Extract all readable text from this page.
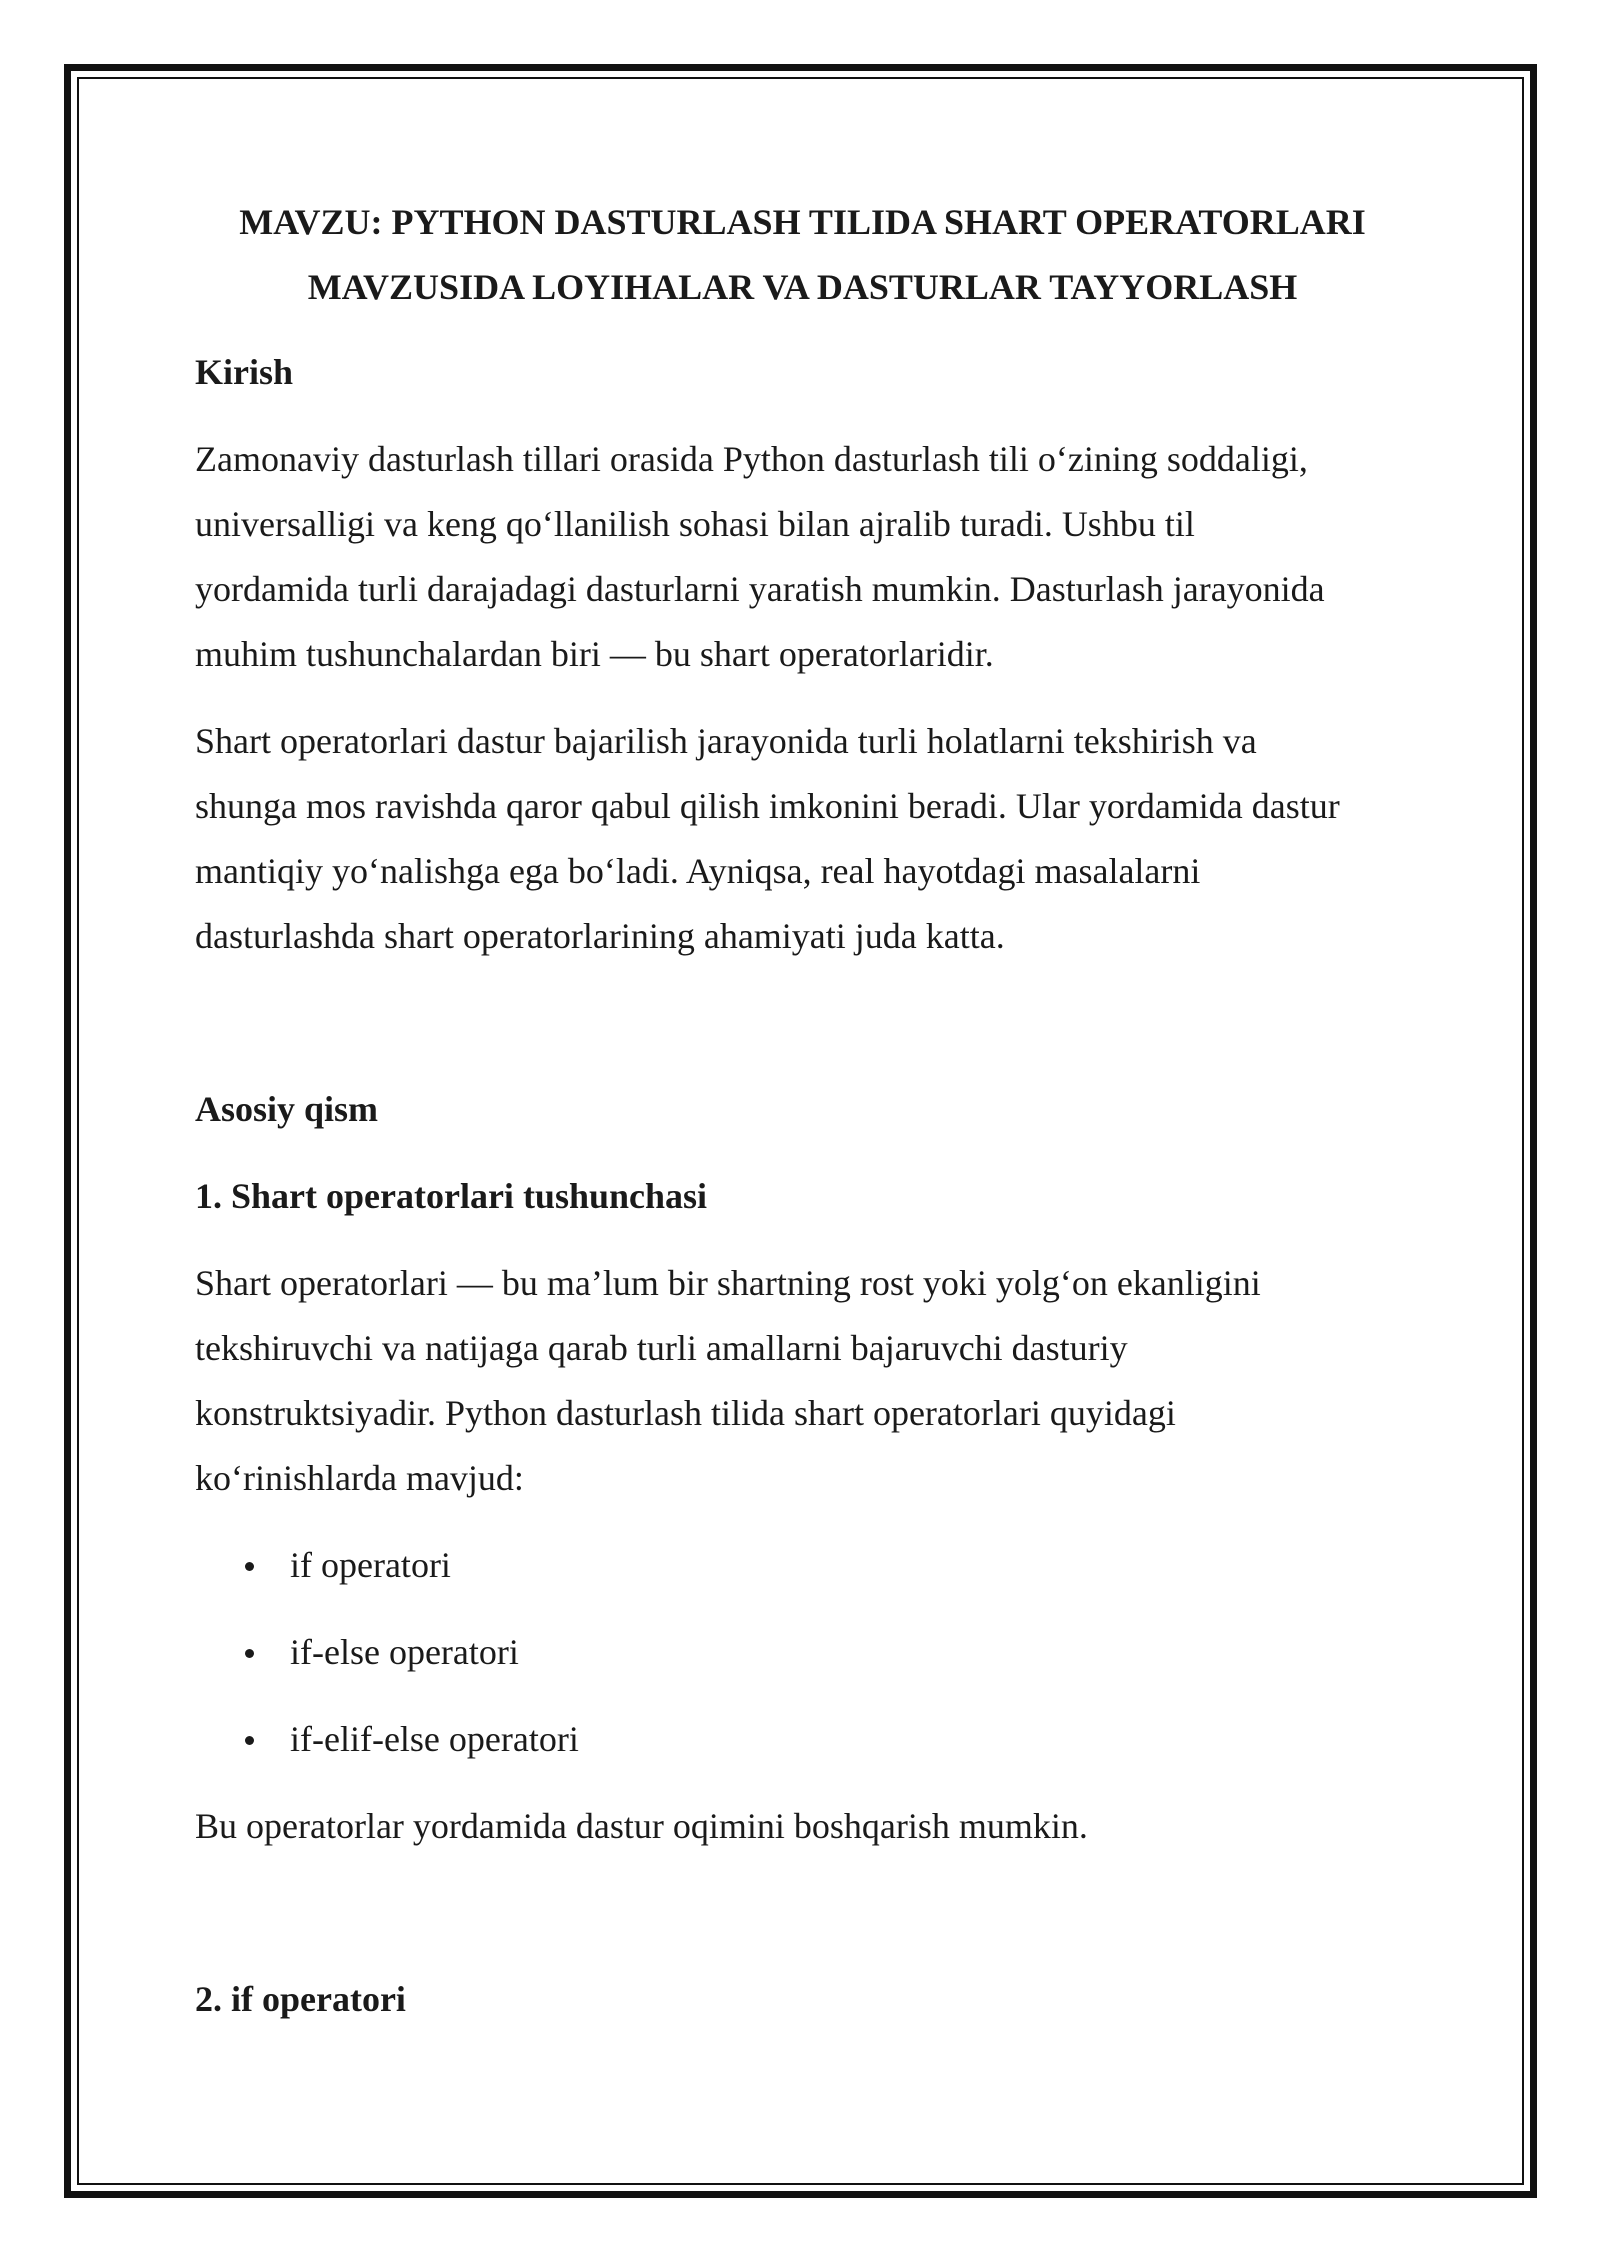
MAVZU: PYTHON DASTURLASH TILIDA SHART OPERATORLARI
MAVZUSIDA LOYIHALAR VA DASTURLAR TAYYORLASH
Kirish

Zamonaviy dasturlash tillari orasida Python dasturlash tili o‘zining soddaligi,
universalligi va keng qo‘llanilish sohasi bilan ajralib turadi. Ushbu til
yordamida turli darajadagi dasturlarni yaratish mumkin. Dasturlash jarayonida
muhim tushunchalardan biri — bu shart operatorlaridir.

Shart operatorlari dastur bajarilish jarayonida turli holatlarni tekshirish va
shunga mos ravishda qaror qabul qilish imkonini beradi. Ular yordamida dastur
mantiqiy yo‘nalishga ega bo‘ladi. Ayniqsa, real hayotdagi masalalarni
dasturlashda shart operatorlarining ahamiyati juda katta.

Asosiy qism
1. Shart operatorlari tushunchasi

Shart operatorlari — bu ma’lum bir shartning rost yoki yolg‘on ekanligini
tekshiruvchi va natijaga qarab turli amallarni bajaruvchi dasturiy
konstruktsiyadir. Python dasturlash tilida shart operatorlari quyidagi
ko‘rinishlarda mavjud:

if operatori
if-else operatori
if-elif-else operatori

Bu operatorlar yordamida dastur oqimini boshqarish mumkin.

2. if operatori
